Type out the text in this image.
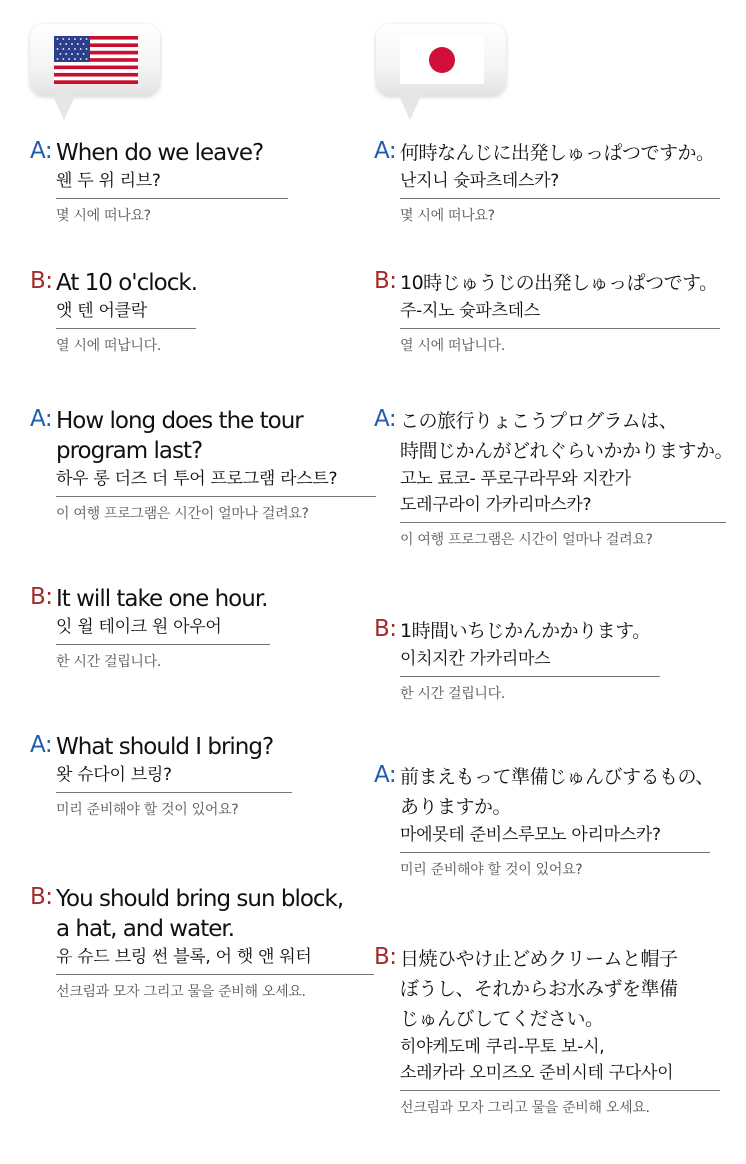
A: When do we leave?
웬 두 위 리브?
몇 시에 떠나요?
B: At 10 o'clock.
앳 텐 어클락
열 시에 떠납니다.
A: How long does the tour
program last?
하우 롱 더즈 더 투어 프로그램 라스트?
이 여행 프로그램은 시간이 얼마나 걸려요?
B: It will take one hour.
잇 윌 테이크 원 아우어
한 시간 걸립니다.
A: What should I bring?
왓 슈다이 브링?
미리 준비해야 할 것이 있어요?
B: You should bring sun block,
a hat, and water.
유 슈드 브링 썬 블록, 어 햇 앤 워터
선크림과 모자 그리고 물을 준비해 오세요.
A: 何時なんじに出発しゅっぱつですか。
난지니 슛파츠데스카?
몇 시에 떠나요?
B: 10時じゅうじの出発しゅっぱつです。
주-지노 슛파츠데스
열 시에 떠납니다.
A: この旅行りょこうプログラムは、
時間じかんがどれぐらいかかりますか。
고노 료코- 푸로구라무와 지칸가
도레구라이 가카리마스카?
이 여행 프로그램은 시간이 얼마나 걸려요?
B: 1時間いちじかんかかります。
이치지칸 가카리마스
한 시간 걸립니다.
A: 前まえもって準備じゅんびするもの、
ありますか。
마에못테 준비스루모노 아리마스카?
미리 준비해야 할 것이 있어요?
B: 日焼ひやけ止どめクリームと帽子
ぼうし、それからお水みずを準備
じゅんびしてください。
히야케도메 쿠리-무토 보-시,
소레카라 오미즈오 준비시테 구다사이
선크림과 모자 그리고 물을 준비해 오세요.
